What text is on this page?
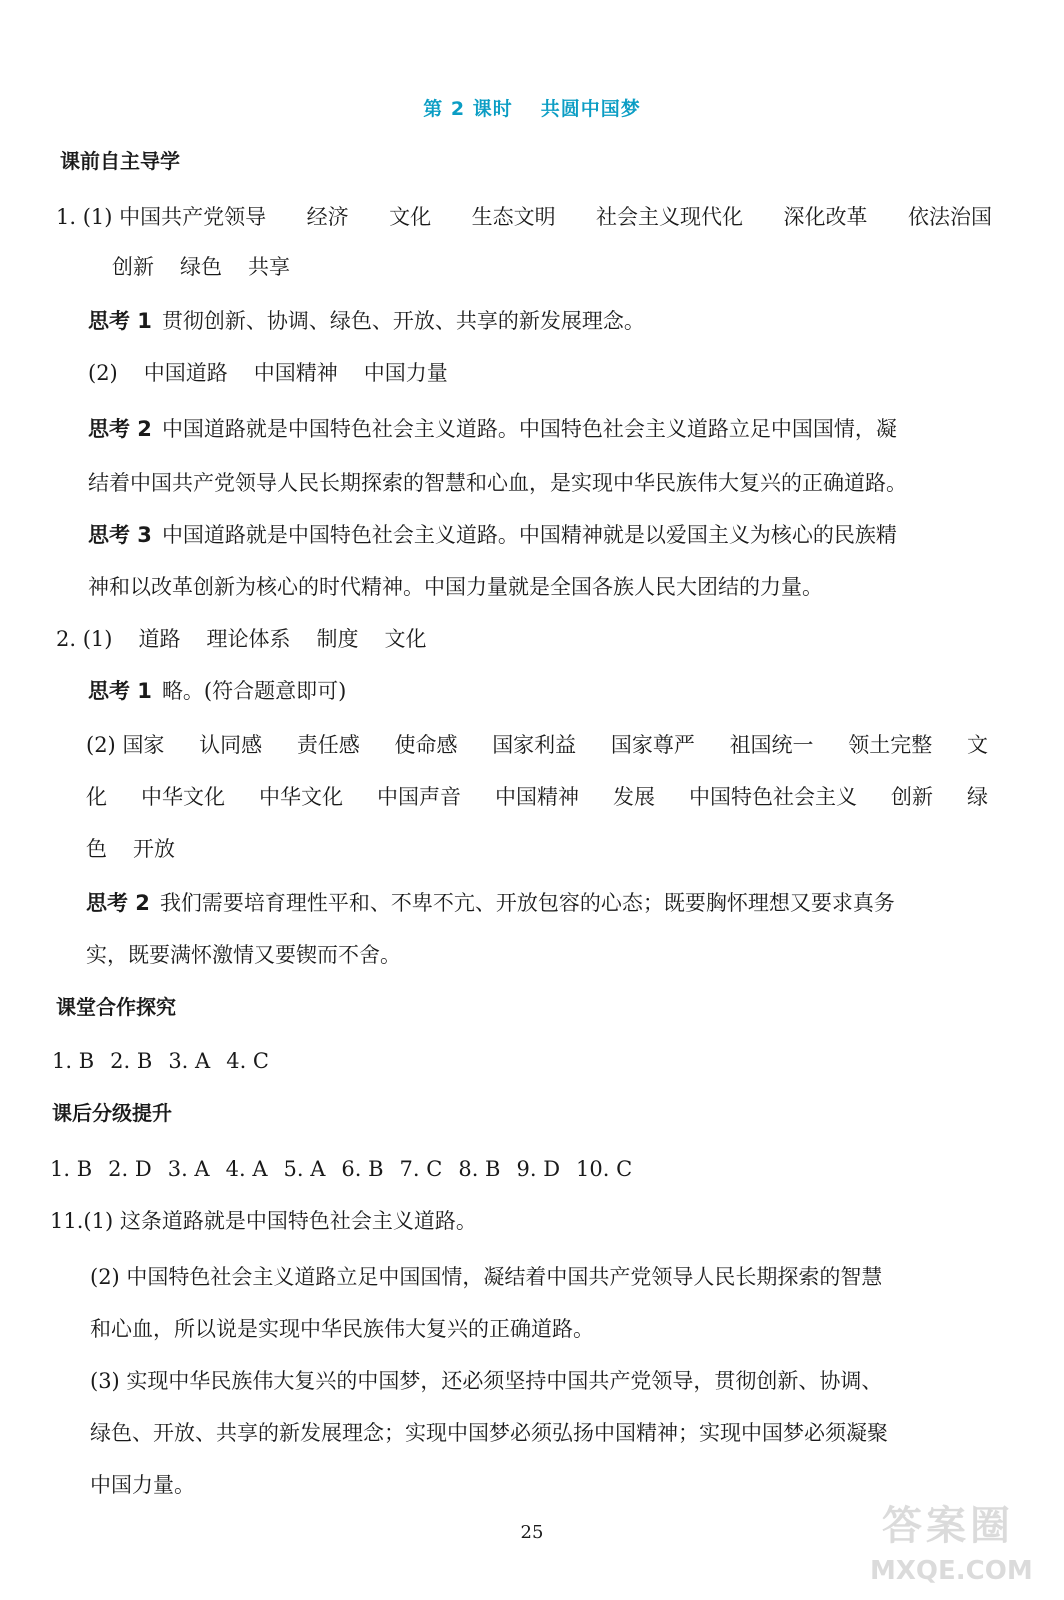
第 2 课时 共圆中国梦
课前自主导学
1. (1) 中国共产党领导 经济 文化 生态文明 社会主义现代化 深化改革 依法治国
创新 绿色 共享
思考 1 贯彻创新、协调、绿色、开放、共享的新发展理念。
(2) 中国道路 中国精神 中国力量
思考 2 中国道路就是中国特色社会主义道路。中国特色社会主义道路立足中国国情，凝
结着中国共产党领导人民长期探索的智慧和心血，是实现中华民族伟大复兴的正确道路。
思考 3 中国道路就是中国特色社会主义道路。中国精神就是以爱国主义为核心的民族精
神和以改革创新为核心的时代精神。中国力量就是全国各族人民大团结的力量。
2. (1) 道路 理论体系 制度 文化
思考 1 略。(符合题意即可)
(2) 国家 认同感 责任感 使命感 国家利益 国家尊严 祖国统一 领土完整 文
化 中华文化 中华文化 中国声音 中国精神 发展 中国特色社会主义 创新 绿
色 开放
思考 2 我们需要培育理性平和、不卑不亢、开放包容的心态；既要胸怀理想又要求真务
实，既要满怀激情又要锲而不舍。
课堂合作探究
1. B 2. B 3. A 4. C
课后分级提升
1. B 2. D 3. A 4. A 5. A 6. B 7. C 8. B 9. D 10. C
11.(1) 这条道路就是中国特色社会主义道路。
(2) 中国特色社会主义道路立足中国国情，凝结着中国共产党领导人民长期探索的智慧
和心血，所以说是实现中华民族伟大复兴的正确道路。
(3) 实现中华民族伟大复兴的中国梦，还必须坚持中国共产党领导，贯彻创新、协调、
绿色、开放、共享的新发展理念；实现中国梦必须弘扬中国精神；实现中国梦必须凝聚
中国力量。
25	答案圈
MXQE.COM
